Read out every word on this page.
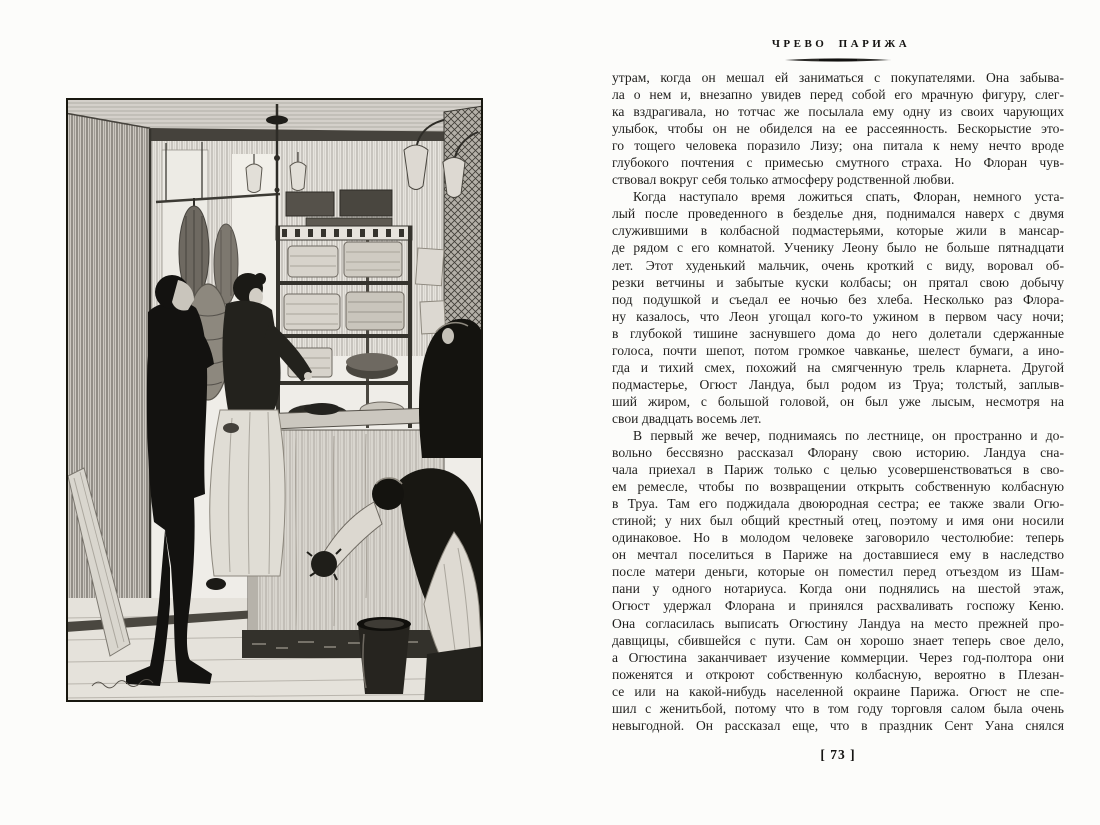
ЧРЕВО ПАРИЖА
утрам, когда он мешал ей заниматься с покупателями. Она забыва-
ла о нем и, внезапно увидев перед собой его мрачную фигуру, слег-
ка вздрагивала, но тотчас же посылала ему одну из своих чарующих
улыбок, чтобы он не обиделся на ее рассеянность. Бескорыстие это-
го тощего человека поразило Лизу; она питала к нему нечто вроде
глубокого почтения с примесью смутного страха. Но Флоран чув-
ствовал вокруг себя только атмосферу родственной любви.
Когда наступало время ложиться спать, Флоран, немного уста-
лый после проведенного в безделье дня, поднимался наверх с двумя
служившими в колбасной подмастерьями, которые жили в мансар-
де рядом с его комнатой. Ученику Леону было не больше пятнадцати
лет. Этот худенький мальчик, очень кроткий с виду, воровал об-
резки ветчины и забытые куски колбасы; он прятал свою добычу
под подушкой и съедал ее ночью без хлеба. Несколько раз Флора-
ну казалось, что Леон угощал кого-то ужином в первом часу ночи;
в глубокой тишине заснувшего дома до него долетали сдержанные
голоса, почти шепот, потом громкое чавканье, шелест бумаги, а ино-
гда и тихий смех, похожий на смягченную трель кларнета. Другой
подмастерье, Огюст Ландуа, был родом из Труа; толстый, заплыв-
ший жиром, с большой головой, он был уже лысым, несмотря на
свои двадцать восемь лет.
В первый же вечер, поднимаясь по лестнице, он пространно и до-
вольно бессвязно рассказал Флорану свою историю. Ландуа сна-
чала приехал в Париж только с целью усовершенствоваться в сво-
ем ремесле, чтобы по возвращении открыть собственную колбасную
в Труа. Там его поджидала двоюродная сестра; ее также звали Огю-
стиной; у них был общий крестный отец, поэтому и имя они носили
одинаковое. Но в молодом человеке заговорило честолюбие: теперь
он мечтал поселиться в Париже на доставшиеся ему в наследство
после матери деньги, которые он поместил перед отъездом из Шам-
пани у одного нотариуса. Когда они поднялись на шестой этаж,
Огюст удержал Флорана и принялся расхваливать госпожу Кеню.
Она согласилась выписать Огюстину Ландуа на место прежней про-
давщицы, сбившейся с пути. Сам он хорошо знает теперь свое дело,
а Огюстина заканчивает изучение коммерции. Через год-полтора они
поженятся и откроют собственную колбасную, вероятно в Плезан-
се или на какой-нибудь населенной окраине Парижа. Огюст не спе-
шил с женитьбой, потому что в том году торговля салом была очень
невыгодной. Он рассказал еще, что в праздник Сент Уана снялся
[ 73 ]
